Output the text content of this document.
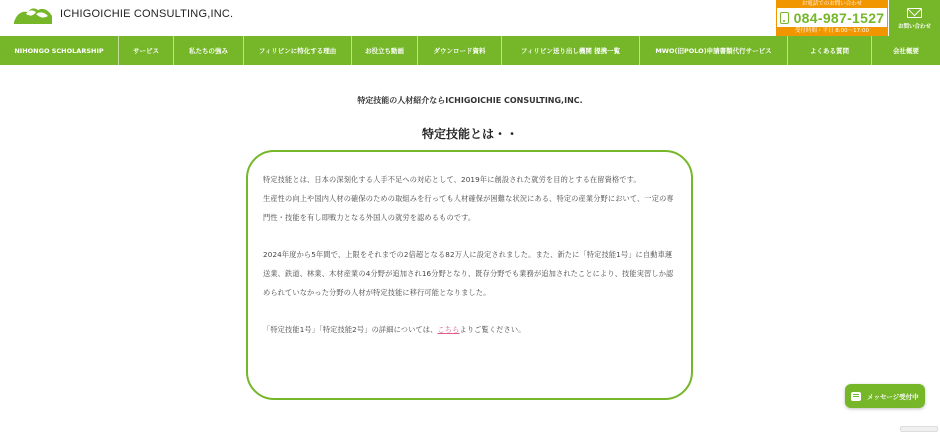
ICHIGOICHIE CONSULTING,INC.
お電話でのお問い合わせ
084-987-1527
受付時間・平日 8:00〜17:00
お問い合わせ
NIHONGO SCHOLARSHIP	サービス	私たちの強み	フィリピンに特化する理由	お役立ち動画	ダウンロード資料	フィリピン送り出し機関 提携一覧	MWO(旧POLO)申請書類代行サービス	よくある質問	会社概要
特定技能の人材紹介ならICHIGOICHIE CONSULTING,INC.
特定技能とは・・

特定技能とは、日本の深刻化する人手不足への対応として、2019年に創設された就労を目的とする在留資格です。

生産性の向上や国内人材の確保のための取組みを行っても人材確保が困難な状況にある、特定の産業分野において、一定の専門性・技能を有し即戦力となる外国人の就労を認めるものです。

2024年度から5年間で、上限をそれまでの2倍超となる82万人に設定されました。また、新たに「特定技能1号」に自動車運送業、鉄道、林業、木材産業の4分野が追加され16分野となり、既存分野でも業務が追加されたことにより、技能実習しか認められていなかった分野の人材が特定技能に移行可能となりました。

「特定技能1号」「特定技能2号」の詳細については、こちらよりご覧ください。

メッセージ受付中
